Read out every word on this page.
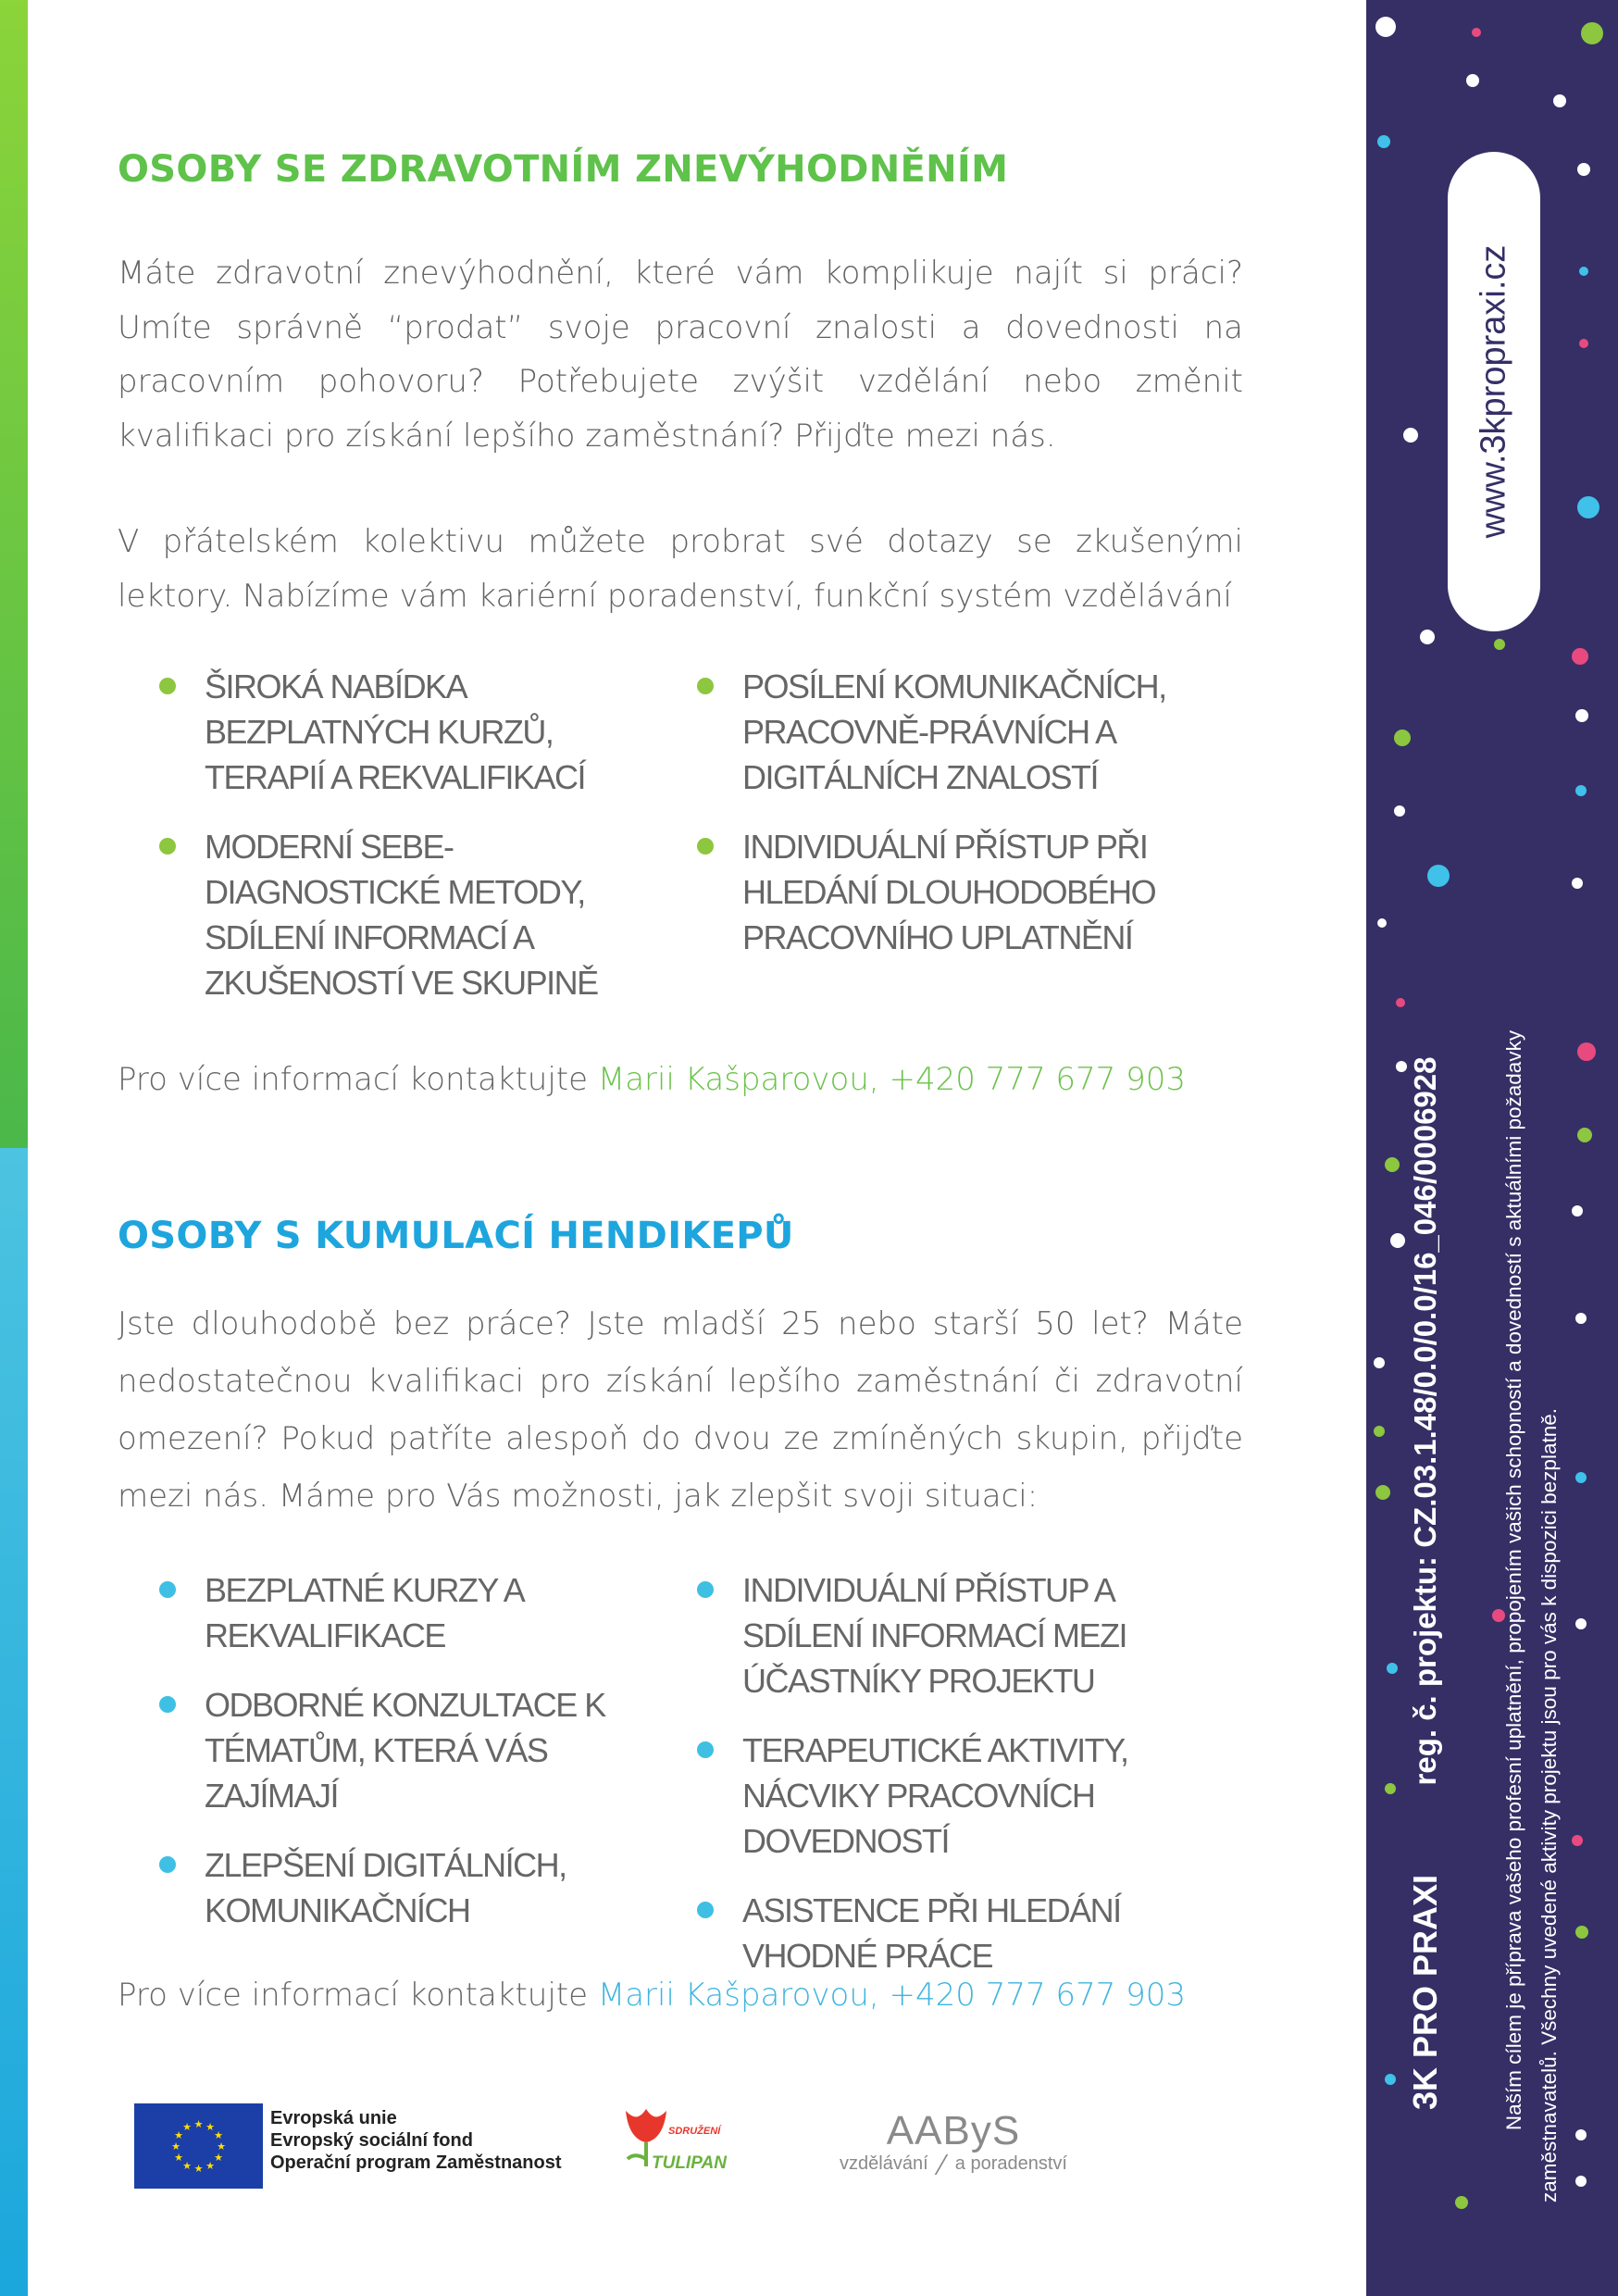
OSOBY SE ZDRAVOTNÍM ZNEVÝHODNĚNÍM

Máte zdravotní znevýhodnění, které vám komplikuje najít si práci? Umíte správně “prodat” svoje pracovní znalosti a dovednosti na pracovním pohovoru? Potřebujete zvýšit vzdělání nebo změnit kvalifikaci pro získání lepšího zaměstnání? Přijďte mezi nás.

V přátelském kolektivu můžete probrat své dotazy se zkušenými lektory. Nabízíme vám kariérní poradenství, funkční systém vzdělávání

ŠIROKÁ NABÍDKA BEZPLATNÝCH KURZŮ, TERAPIÍ A REKVALIFIKACÍ
MODERNÍ SEBE-DIAGNOSTICKÉ METODY, SDÍLENÍ INFORMACÍ A ZKUŠENOSTÍ VE SKUPINĚ
POSÍLENÍ KOMUNIKAČNÍCH, PRACOVNĚ-PRÁVNÍCH A DIGITÁLNÍCH ZNALOSTÍ
INDIVIDUÁLNÍ PŘÍSTUP PŘI HLEDÁNÍ DLOUHODOBÉHO PRACOVNÍHO UPLATNĚNÍ
Pro více informací kontaktujte Marii Kašparovou, +420 777 677 903
OSOBY S KUMULACÍ HENDIKEPŮ

Jste dlouhodobě bez práce? Jste mladší 25 nebo starší 50 let? Máte nedostatečnou kvalifikaci pro získání lepšího zaměstnání či zdravotní omezení? Pokud patříte alespoň do dvou ze zmíněných skupin, přijďte mezi nás. Máme pro Vás možnosti, jak zlepšit svoji situaci:

BEZPLATNÉ KURZY A REKVALIFIKACE
ODBORNÉ KONZULTACE K TÉMATŮM, KTERÁ VÁS ZAJÍMAJÍ
ZLEPŠENÍ DIGITÁLNÍCH, KOMUNIKAČNÍCH
INDIVIDUÁLNÍ PŘÍSTUP A SDÍLENÍ INFORMACÍ MEZI ÚČASTNÍKY PROJEKTU
TERAPEUTICKÉ AKTIVITY, NÁCVIKY PRACOVNÍCH DOVEDNOSTÍ
ASISTENCE PŘI HLEDÁNÍ VHODNÉ PRÁCE
Pro více informací kontaktujte Marii Kašparovou, +420 777 677 903
★ ★
★
★
★
★
★
★
★
★
★
★	Evropská unie
Evropský sociální fond
Operační program Zaměstnanost
SDRUŽENÍ
TULIPAN
AAByS
vzdělávání a poradenství
www.3kpropraxi.cz
3K PRO PRAXI
reg. č. projektu: CZ.03.1.48/0.0/0.0/16_046/0006928	Naším cílem je příprava vašeho profesní uplatnění, propojením vašich schopností a dovedností s aktuálními požadavky zaměstnavatelů. Všechny uvedené aktivity projektu jsou pro vás k dispozici bezplatně.
